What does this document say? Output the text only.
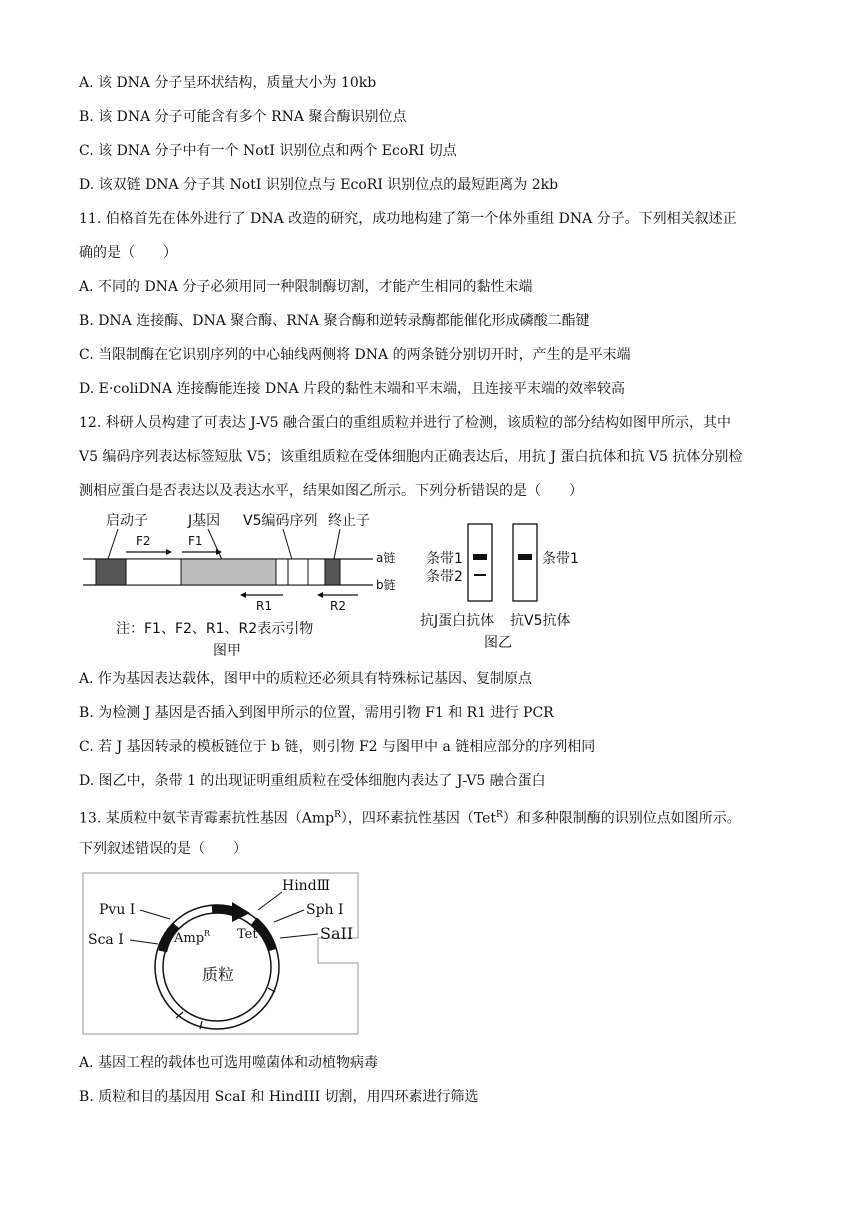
A. 该 DNA 分子呈环状结构，质量大小为 10kb
B. 该 DNA 分子可能含有多个 RNA 聚合酶识别位点
C. 该 DNA 分子中有一个 NotI 识别位点和两个 EcoRI 切点
D. 该双链 DNA 分子其 NotI 识别位点与 EcoRI 识别位点的最短距离为 2kb
11. 伯格首先在体外进行了 DNA 改造的研究，成功地构建了第一个体外重组 DNA 分子。下列相关叙述正
确的是（　　）
A. 不同的 DNA 分子必须用同一种限制酶切割，才能产生相同的黏性末端
B. DNA 连接酶、DNA 聚合酶、RNA 聚合酶和逆转录酶都能催化形成磷酸二酯键
C. 当限制酶在它识别序列的中心轴线两侧将 DNA 的两条链分别切开时，产生的是平末端
D. E·coliDNA 连接酶能连接 DNA 片段的黏性末端和平末端，且连接平末端的效率较高
12. 科研人员构建了可表达 J-V5 融合蛋白的重组质粒并进行了检测，该质粒的部分结构如图甲所示，其中
V5 编码序列表达标签短肽 V5；该重组质粒在受体细胞内正确表达后，用抗 J 蛋白抗体和抗 V5 抗体分别检
测相应蛋白是否表达以及表达水平，结果如图乙所示。下列分析错误的是（　　）
启动子	J基因 V5编码序列 终止子
F2	F1
a链
b链
R1	R2
注：F1、F2、R1、R2表示引物
图甲
条带1
条带2
条带1
抗J蛋白抗体 抗V5抗体
图乙
A. 作为基因表达载体，图甲中的质粒还必须具有特殊标记基因、复制原点
B. 为检测 J 基因是否插入到图甲所示的位置，需用引物 F1 和 R1 进行 PCR
C. 若 J 基因转录的模板链位于 b 链，则引物 F2 与图甲中 a 链相应部分的序列相同
D. 图乙中，条带 1 的出现证明重组质粒在受体细胞内表达了 J-V5 融合蛋白
13. 某质粒中氨苄青霉素抗性基因（Amp$^R$），四环素抗性基因（Tet$^R$）和多种限制酶的识别位点如图所示。
下列叙述错误的是（　　）
HindⅢ
Pvu Ⅰ	Sph Ⅰ
Sca Ⅰ	SaⅠⅠ
Amp$^R$ Tet$^R$
质粒
A. 基因工程的载体也可选用噬菌体和动植物病毒
B. 质粒和目的基因用 ScaI 和 HindIII 切割，用四环素进行筛选
